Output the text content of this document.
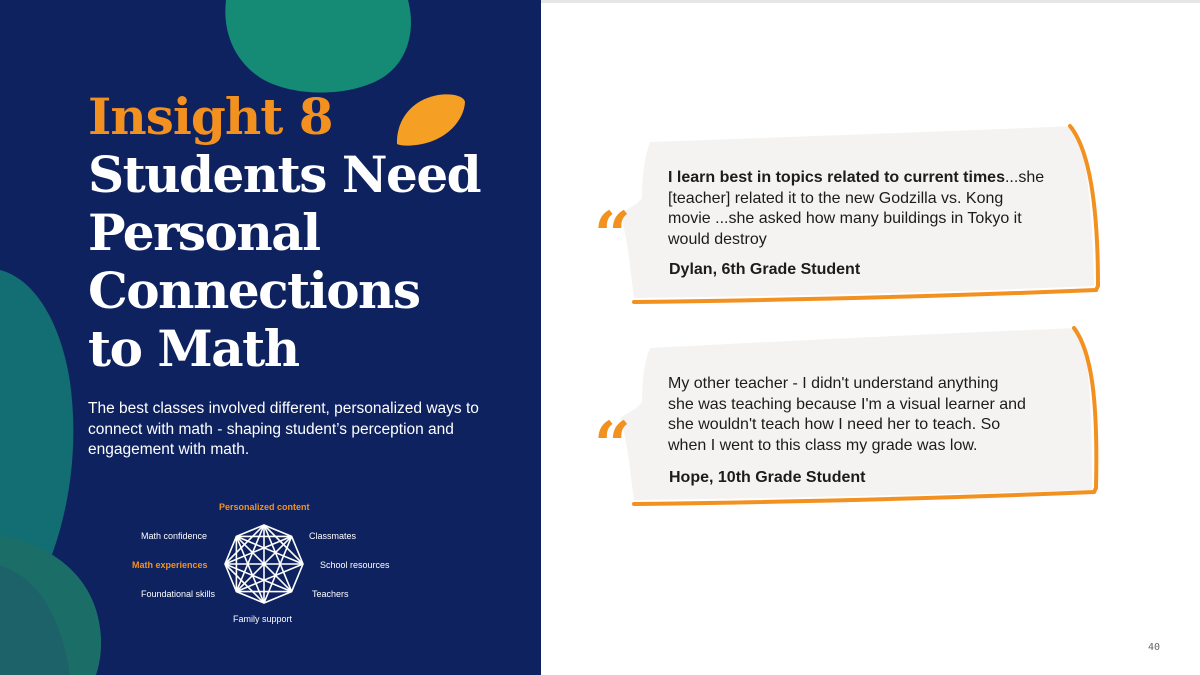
Insight 8
Students Need
Personal
Connections
to Math
The best classes involved different, personalized ways to connect with math - shaping student’s perception and engagement with math.
Personalized content
Math confidence
Math experiences
Foundational skills
Family support
Classmates
School resources
Teachers
“
I learn best in topics related to current times...she
[teacher] related it to the new Godzilla vs. Kong
movie ...she asked how many buildings in Tokyo it
would destroy
Dylan, 6th Grade Student
“
My other teacher - I didn't understand anything
she was teaching because I'm a visual learner and
she wouldn't teach how I need her to teach. So
when I went to this class my grade was low.
Hope, 10th Grade Student
40
